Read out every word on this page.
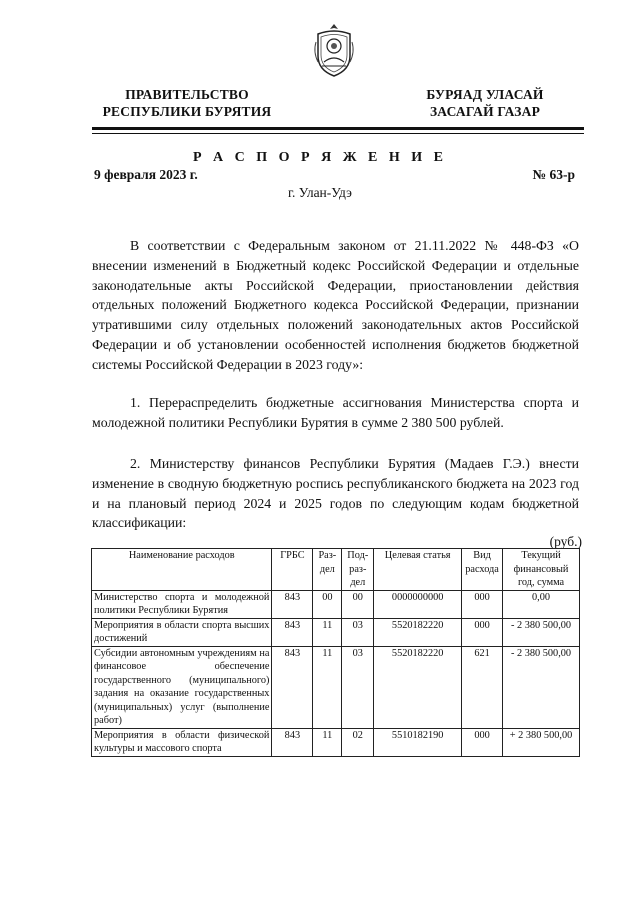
ПРАВИТЕЛЬСТВО
РЕСПУБЛИКИ БУРЯТИЯ
БУРЯАД УЛАСАЙ
ЗАСАГАЙ ГАЗАР
Р А С П О Р Я Ж Е Н И Е
9 февраля 2023 г.	№ 63-р
г. Улан-Удэ
В соответствии с Федеральным законом от 21.11.2022 № 448-ФЗ «О внесении изменений в Бюджетный кодекс Российской Федерации и отдельные законодательные акты Российской Федерации, приостановлении действия отдельных положений Бюджетного кодекса Российской Федерации, признании утратившими силу отдельных положений законодательных актов Российской Федерации и об установлении особенностей исполнения бюджетов бюджетной системы Российской Федерации в 2023 году»:
1. Перераспределить бюджетные ассигнования Министерства спорта и молодежной политики Республики Бурятия в сумме 2 380 500 рублей.
2. Министерству финансов Республики Бурятия (Мадаев Г.Э.) внести изменение в сводную бюджетную роспись республиканского бюджета на 2023 год и на плановый период 2024 и 2025 годов по следующим кодам бюджетной классификации:
(руб.)
Наименование расходов	ГРБС	Раз-дел	Под-раз-дел	Целевая статья	Вид расхода	Текущий финансовый год, сумма
Министерство спорта и молодежной политики Республики Бурятия	843	00	00	0000000000	000	0,00
Мероприятия в области спорта высших достижений	843	11	03	5520182220	000	- 2 380 500,00
Субсидии автономным учреждениям на финансовое обеспечение государственного (муниципального) задания на оказание государственных (муниципальных) услуг (выполнение работ)	843	11	03	5520182220	621	- 2 380 500,00
Мероприятия в области физической культуры и массового спорта	843	11	02	5510182190	000	+ 2 380 500,00
